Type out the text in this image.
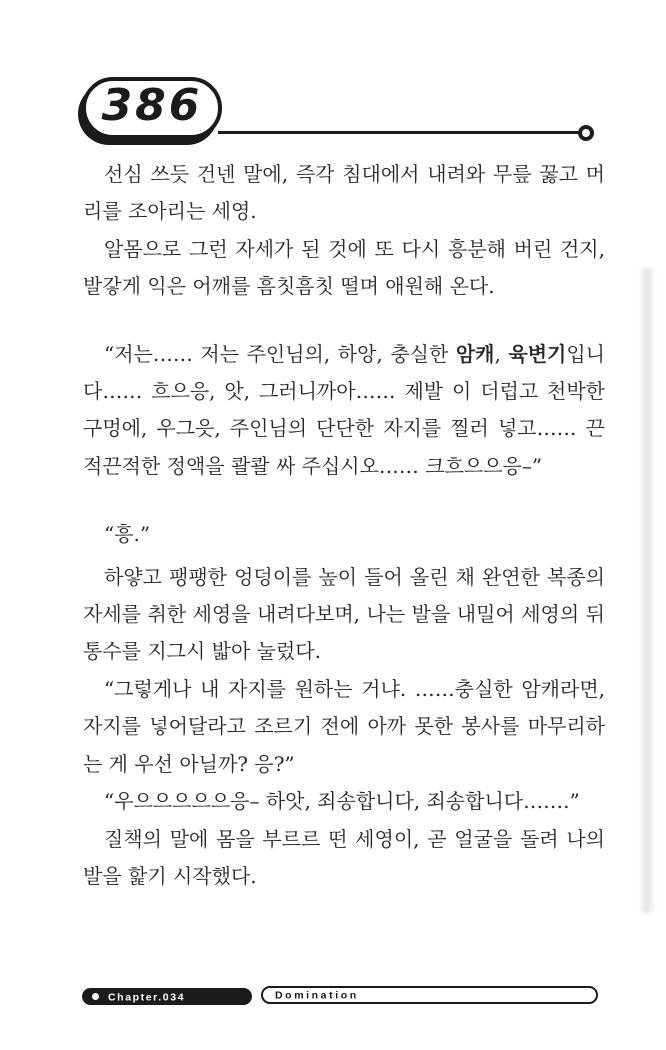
386

선심 쓰듯 건넨 말에, 즉각 침대에서 내려와 무릎 꿇고 머리를 조아리는 세영.

알몸으로 그런 자세가 된 것에 또 다시 흥분해 버린 건지, 발갛게 익은 어깨를 흠칫흠칫 떨며 애원해 온다.

“저는…… 저는 주인님의, 하앙, 충실한 암캐, 육변기입니다…… 흐으응, 앗, 그러니까아…… 제발 이 더럽고 천박한 구멍에, 우그읏, 주인님의 단단한 자지를 찔러 넣고…… 끈적끈적한 정액을 콸콸 싸 주십시오…… 크흐으으응–”

“흥.”

하얗고 팽팽한 엉덩이를 높이 들어 올린 채 완연한 복종의 자세를 취한 세영을 내려다보며, 나는 발을 내밀어 세영의 뒤통수를 지그시 밟아 눌렀다.

“그렇게나 내 자지를 원하는 거냐. ……충실한 암캐라면, 자지를 넣어달라고 조르기 전에 아까 못한 봉사를 마무리하는 게 우선 아닐까? 응?”

“우으으으으으응– 하앗, 죄송합니다, 죄송합니다…….”

질책의 말에 몸을 부르르 떤 세영이, 곧 얼굴을 돌려 나의 발을 핥기 시작했다.

Chapter.034	Domination
